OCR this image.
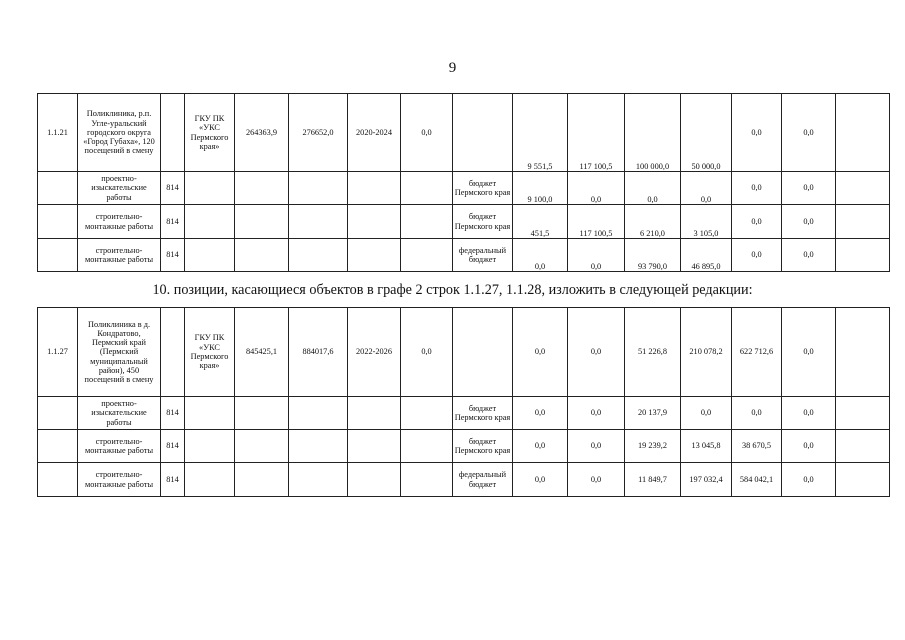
9
1.1.21	Поликлиника, р.п. Угле-уральский городского округа «Город Губаха», 120 посещений в смену		ГКУ ПК «УКС Пермского края»	264363,9	276652,0	2020-2024	0,0		9 551,5	117 100,5	100 000,0	50 000,0	0,0	0,0	
	проектно-изыскательские работы	814						бюджет Пермского края	9 100,0	0,0	0,0	0,0	0,0	0,0	
	строительно-монтажные работы	814						бюджет Пермского края	451,5	117 100,5	6 210,0	3 105,0	0,0	0,0	
	строительно-монтажные работы	814						федеральный бюджет	0,0	0,0	93 790,0	46 895,0	0,0	0,0	
10. позиции, касающиеся объектов в графе 2 строк 1.1.27, 1.1.28, изложить в следующей редакции:
1.1.27	Поликлиника в д. Кондратово, Пермский край (Пермский муниципальный район), 450 посещений в смену		ГКУ ПК «УКС Пермского края»	845425,1	884017,6	2022-2026	0,0		0,0	0,0	51 226,8	210 078,2	622 712,6	0,0	
	проектно-изыскательские работы	814						бюджет Пермского края	0,0	0,0	20 137,9	0,0	0,0	0,0	
	строительно-монтажные работы	814						бюджет Пермского края	0,0	0,0	19 239,2	13 045,8	38 670,5	0,0	
	строительно-монтажные работы	814						федеральный бюджет	0,0	0,0	11 849,7	197 032,4	584 042,1	0,0	
